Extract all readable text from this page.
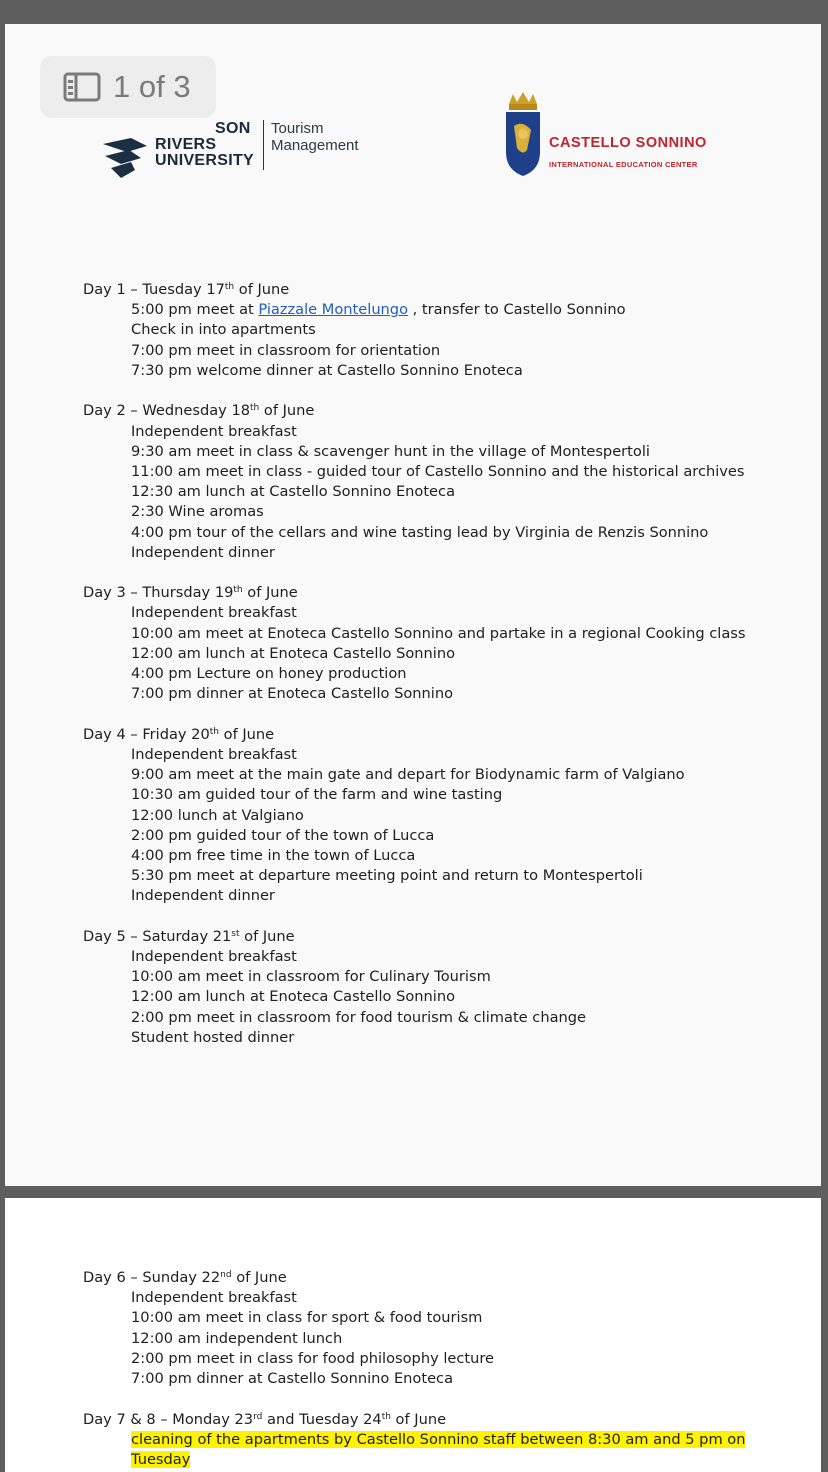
1 of 3
SON
RIVERS
UNIVERSITY
Tourism
Management	CASTELLO SONNINO
INTERNATIONAL EDUCATION CENTER
Day 1 – Tuesday 17th of June
5:00 pm meet at Piazzale Montelungo , transfer to Castello Sonnino
Check in into apartments
7:00 pm meet in classroom for orientation
7:30 pm welcome dinner at Castello Sonnino Enoteca
Day 2 – Wednesday 18th of June
Independent breakfast
9:30 am meet in class & scavenger hunt in the village of Montespertoli
11:00 am meet in class - guided tour of Castello Sonnino and the historical archives
12:30 am lunch at Castello Sonnino Enoteca
2:30 Wine aromas
4:00 pm tour of the cellars and wine tasting lead by Virginia de Renzis Sonnino
Independent dinner
Day 3 – Thursday 19th of June
Independent breakfast
10:00 am meet at Enoteca Castello Sonnino and partake in a regional Cooking class
12:00 am lunch at Enoteca Castello Sonnino
4:00 pm Lecture on honey production
7:00 pm dinner at Enoteca Castello Sonnino
Day 4 – Friday 20th of June
Independent breakfast
9:00 am meet at the main gate and depart for Biodynamic farm of Valgiano
10:30 am guided tour of the farm and wine tasting
12:00 lunch at Valgiano
2:00 pm guided tour of the town of Lucca
4:00 pm free time in the town of Lucca
5:30 pm meet at departure meeting point and return to Montespertoli
Independent dinner
Day 5 – Saturday 21st of June
Independent breakfast
10:00 am meet in classroom for Culinary Tourism
12:00 am lunch at Enoteca Castello Sonnino
2:00 pm meet in classroom for food tourism & climate change
Student hosted dinner
Day 6 – Sunday 22nd of June
Independent breakfast
10:00 am meet in class for sport & food tourism
12:00 am independent lunch
2:00 pm meet in class for food philosophy lecture
7:00 pm dinner at Castello Sonnino Enoteca
Day 7 & 8 – Monday 23rd and Tuesday 24th of June
cleaning of the apartments by Castello Sonnino staff between 8:30 am and 5 pm on Tuesday
